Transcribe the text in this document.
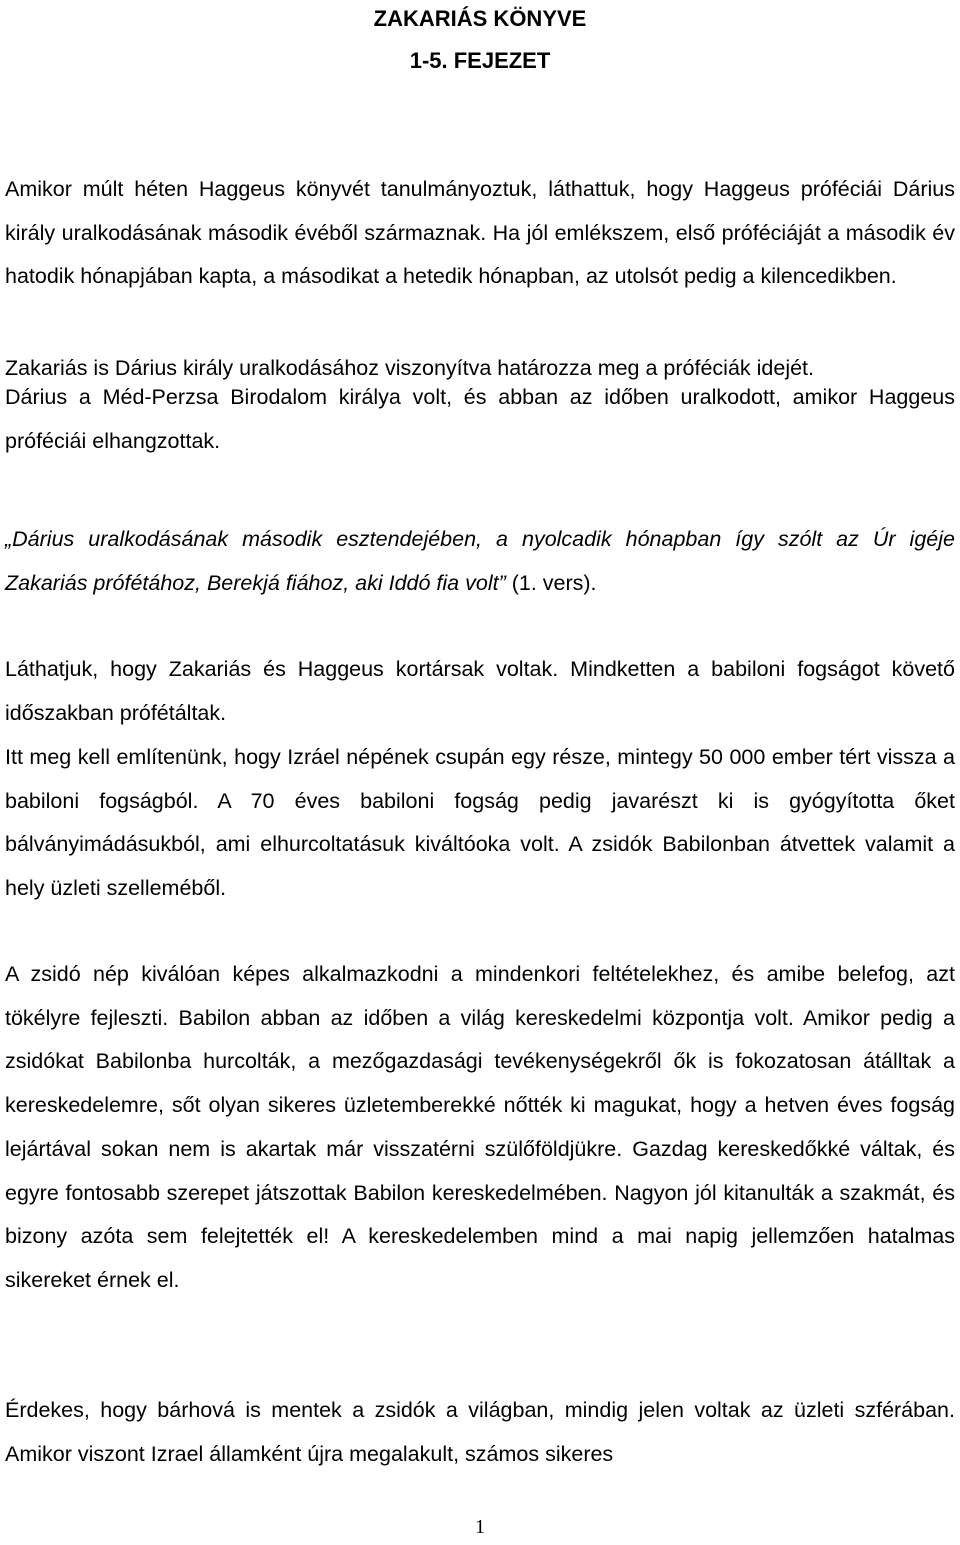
ZAKARIÁS KÖNYVE
1-5. FEJEZET

Amikor múlt héten Haggeus könyvét tanulmányoztuk, láthattuk, hogy Haggeus próféciái Dárius király uralkodásának második évéből származnak. Ha jól emlékszem, első próféciáját a második év hatodik hónapjában kapta, a másodikat a hetedik hónapban, az utolsót pedig a kilencedikben.

Zakariás is Dárius király uralkodásához viszonyítva határozza meg a próféciák idejét.

Dárius a Méd-Perzsa Birodalom királya volt, és abban az időben uralkodott, amikor Haggeus próféciái elhangzottak.

„Dárius uralkodásának második esztendejében, a nyolcadik hónapban így szólt az Úr igéje Zakariás prófétához, Berekjá fiához, aki Iddó fia volt” (1. vers).

Láthatjuk, hogy Zakariás és Haggeus kortársak voltak. Mindketten a babiloni fogságot követő időszakban prófétáltak.

Itt meg kell említenünk, hogy Izráel népének csupán egy része, mintegy 50 000 ember tért vissza a babiloni fogságból. A 70 éves babiloni fogság pedig javarészt ki is gyógyította őket bálványimádásukból, ami elhurcoltatásuk kiváltóoka volt. A zsidók Babilonban átvettek valamit a hely üzleti szelleméből.

A zsidó nép kiválóan képes alkalmazkodni a mindenkori feltételekhez, és amibe belefog, azt tökélyre fejleszti. Babilon abban az időben a világ kereskedelmi központja volt. Amikor pedig a zsidókat Babilonba hurcolták, a mezőgazdasági tevékenységekről ők is fokozatosan átálltak a kereskedelemre, sőt olyan sikeres üzletemberekké nőtték ki magukat, hogy a hetven éves fogság lejártával sokan nem is akartak már visszatérni szülőföldjükre. Gazdag kereskedőkké váltak, és egyre fontosabb szerepet játszottak Babilon kereskedelmében. Nagyon jól kitanulták a szakmát, és bizony azóta sem felejtették el! A kereskedelemben mind a mai napig jellemzően hatalmas sikereket érnek el.

Érdekes, hogy bárhová is mentek a zsidók a világban, mindig jelen voltak az üzleti szférában. Amikor viszont Izrael államként újra megalakult, számos sikeres

1
